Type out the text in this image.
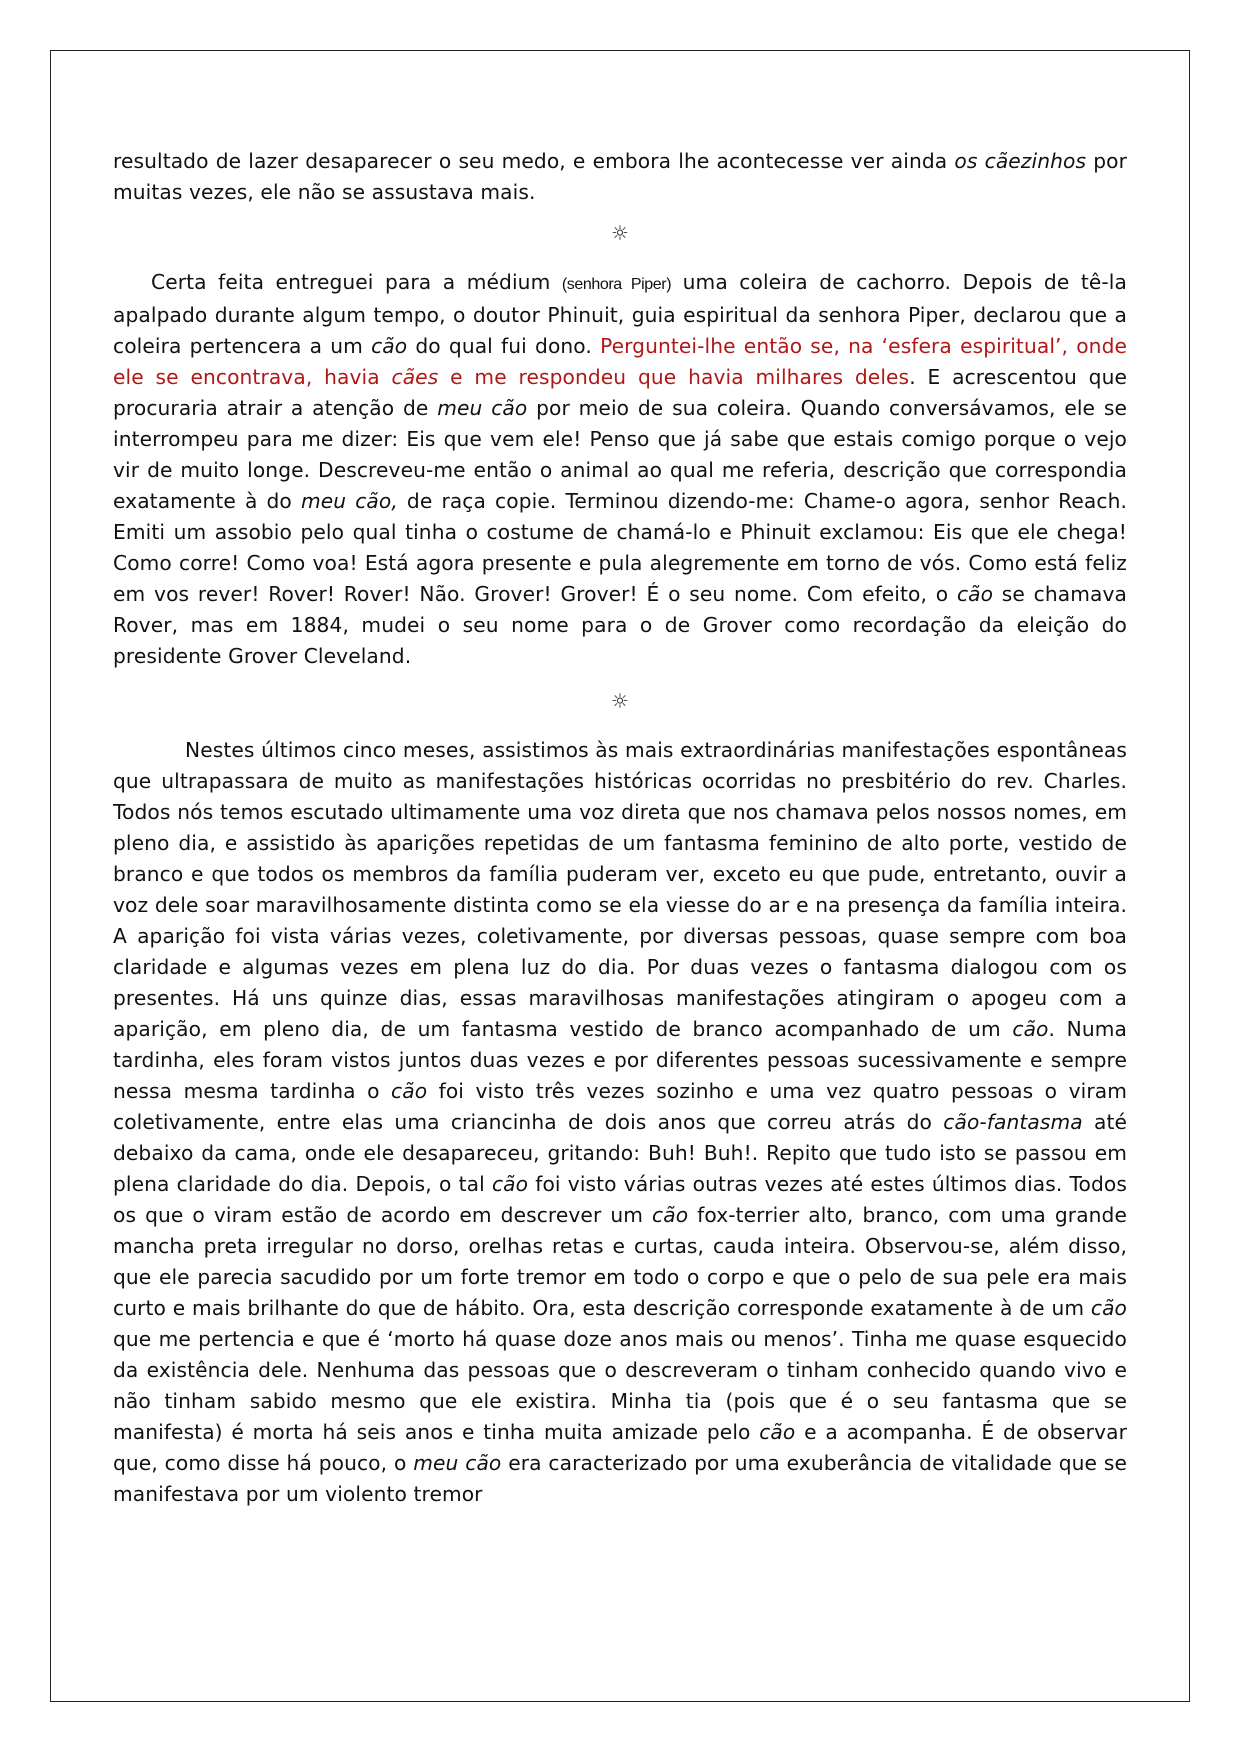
resultado de lazer desaparecer o seu medo, e embora lhe acontecesse ver ainda os cãezinhos por muitas vezes, ele não se assustava mais.

☼

Certa feita entreguei para a médium (senhora Piper) uma coleira de cachorro. Depois de tê-la apalpado durante algum tempo, o doutor Phinuit, guia espiritual da senhora Piper, declarou que a coleira pertencera a um cão do qual fui dono. Perguntei-lhe então se, na ‘esfera espiritual’, onde ele se encontrava, havia cães e me respondeu que havia milhares deles. E acrescentou que procuraria atrair a atenção de meu cão por meio de sua coleira. Quando conversávamos, ele se interrompeu para me dizer: Eis que vem ele! Penso que já sabe que estais comigo porque o vejo vir de muito longe. Descreveu-me então o animal ao qual me referia, descrição que correspondia exatamente à do meu cão, de raça copie. Terminou dizendo-me: Chame-o agora, senhor Reach. Emiti um assobio pelo qual tinha o costume de chamá-lo e Phinuit exclamou: Eis que ele chega! Como corre! Como voa! Está agora presente e pula alegremente em torno de vós. Como está feliz em vos rever! Rover! Rover! Não. Grover! Grover! É o seu nome. Com efeito, o cão se chamava Rover, mas em 1884, mudei o seu nome para o de Grover como recordação da eleição do presidente Grover Cleveland.

☼

Nestes últimos cinco meses, assistimos às mais extraordinárias manifestações espontâneas que ultrapassara de muito as manifestações históricas ocorridas no presbitério do rev. Charles. Todos nós temos escutado ultimamente uma voz direta que nos chamava pelos nossos nomes, em pleno dia, e assistido às aparições repetidas de um fantasma feminino de alto porte, vestido de branco e que todos os membros da família puderam ver, exceto eu que pude, entretanto, ouvir a voz dele soar maravilhosamente distinta como se ela viesse do ar e na presença da família inteira. A aparição foi vista várias vezes, coletivamente, por diversas pessoas, quase sempre com boa claridade e algumas vezes em plena luz do dia. Por duas vezes o fantasma dialogou com os presentes. Há uns quinze dias, essas maravilhosas manifestações atingiram o apogeu com a aparição, em pleno dia, de um fantasma vestido de branco acompanhado de um cão. Numa tardinha, eles foram vistos juntos duas vezes e por diferentes pessoas sucessivamente e sempre nessa mesma tardinha o cão foi visto três vezes sozinho e uma vez quatro pessoas o viram coletivamente, entre elas uma criancinha de dois anos que correu atrás do cão-fantasma até debaixo da cama, onde ele desapareceu, gritando: Buh! Buh!. Repito que tudo isto se passou em plena claridade do dia. Depois, o tal cão foi visto várias outras vezes até estes últimos dias. Todos os que o viram estão de acordo em descrever um cão fox-terrier alto, branco, com uma grande mancha preta irregular no dorso, orelhas retas e curtas, cauda inteira. Observou-se, além disso, que ele parecia sacudido por um forte tremor em todo o corpo e que o pelo de sua pele era mais curto e mais brilhante do que de hábito. Ora, esta descrição corresponde exatamente à de um cão que me pertencia e que é ‘morto há quase doze anos mais ou menos’. Tinha me quase esquecido da existência dele. Nenhuma das pessoas que o descreveram o tinham conhecido quando vivo e não tinham sabido mesmo que ele existira. Minha tia (pois que é o seu fantasma que se manifesta) é morta há seis anos e tinha muita amizade pelo cão e a acompanha. É de observar que, como disse há pouco, o meu cão era caracterizado por uma exuberância de vitalidade que se manifestava por um violento tremor
